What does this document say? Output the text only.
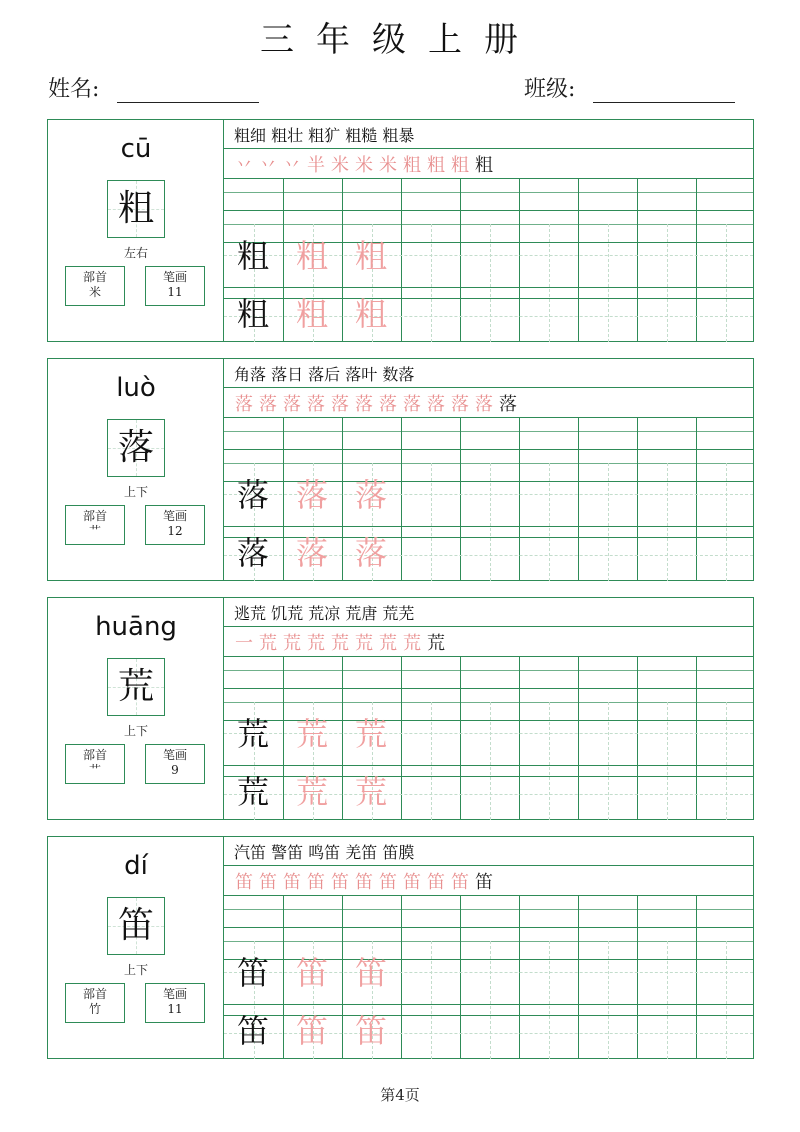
三年级上册
姓名:	班级:
cū
粗
左右
部首
米
笔画
11
粗细 粗壮 粗犷 粗糙 粗暴
丷 丷 丷 半 米 米 米 粗 粗 粗 粗
粗 粗 粗
粗 粗 粗
luò
落
上下
部首
艹
笔画
12
角落 落日 落后 落叶 数落
落 落 落 落 落 落 落 落 落 落 落 落
落 落 落
落 落 落
huāng
荒
上下
部首
艹
笔画
9
逃荒 饥荒 荒凉 荒唐 荒芜
一 荒 荒 荒 荒 荒 荒 荒 荒
荒 荒 荒
荒 荒 荒
dí
笛
上下
部首
竹
笔画
11
汽笛 警笛 鸣笛 羌笛 笛膜
笛 笛 笛 笛 笛 笛 笛 笛 笛 笛 笛
笛 笛 笛
笛 笛 笛
第4页
